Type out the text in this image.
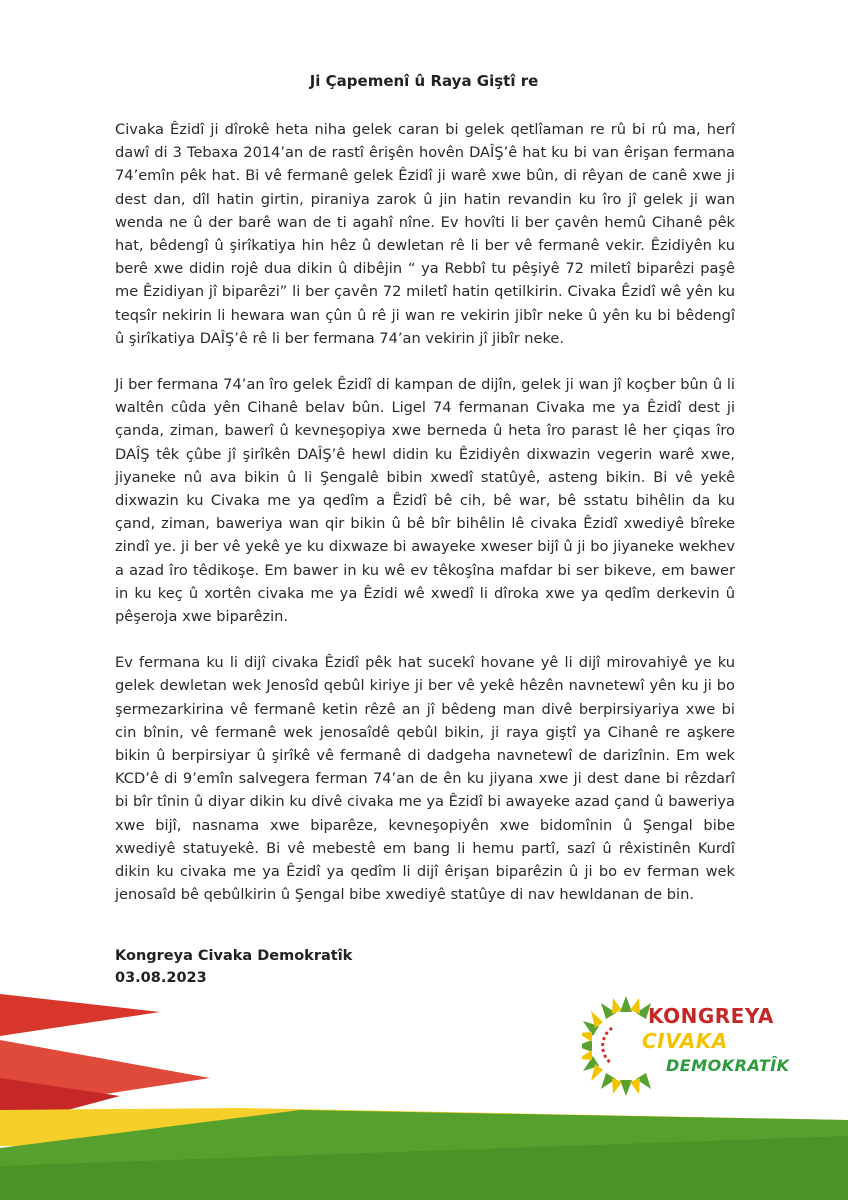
Ji Çapemenî û Raya Giştî re

Civaka Êzidî ji dîrokê heta niha gelek caran bi gelek qetlîaman re rû bi rû ma, herî dawî di 3 Tebaxa 2014’an de rastî êrişên hovên DAÎŞ’ê hat ku bi van êrişan fermana 74’emîn pêk hat. Bi vê fermanê gelek Êzidî ji warê xwe bûn, di rêyan de canê xwe ji dest dan, dîl hatin girtin, piraniya zarok û jin hatin revandin ku îro jî gelek ji wan wenda ne û der barê wan de ti agahî nîne. Ev hovîti li ber çavên hemû Cihanê pêk hat, bêdengî û şirîkatiya hin hêz û dewletan rê li ber vê fermanê vekir. Êzidiyên ku berê xwe didin rojê dua dikin û dibêjin “ ya Rebbî tu pêşiyê 72 miletî biparêzi paşê me Êzidiyan jî biparêzi” li ber çavên 72 miletî hatin qetilkirin. Civaka Êzidî wê yên ku teqsîr nekirin li hewara wan çûn û rê ji wan re vekirin jibîr neke û yên ku bi bêdengî û şirîkatiya DAÎŞ’ê rê li ber fermana 74’an vekirin jî jibîr neke.

Ji ber fermana 74’an îro gelek Êzidî di kampan de dijîn, gelek ji wan jî koçber bûn û li waltên cûda yên Cihanê belav bûn. Ligel 74 fermanan Civaka me ya Êzidî dest ji çanda, ziman, bawerî û kevneşopiya xwe berneda û heta îro parast lê her çiqas îro DAÎŞ têk çûbe jî şirîkên DAÎŞ’ê hewl didin ku Êzidiyên dixwazin vegerin warê xwe, jiyaneke nû ava bikin û li Şengalê bibin xwedî statûyê, asteng bikin. Bi vê yekê dixwazin ku Civaka me ya qedîm a Êzidî bê cih, bê war, bê sstatu bihêlin da ku çand, ziman, baweriya wan qir bikin û bê bîr bihêlin lê civaka Êzidî xwediyê bîreke zindî ye. ji ber vê yekê ye ku dixwaze bi awayeke xweser bijî û ji bo jiyaneke wekhev a azad îro têdikoşe. Em bawer in ku wê ev têkoşîna mafdar bi ser bikeve, em bawer in ku keç û xortên civaka me ya Êzidi wê xwedî li dîroka xwe ya qedîm derkevin û pêşeroja xwe biparêzin.

Ev fermana ku li dijî civaka Êzidî pêk hat sucekî hovane yê li dijî mirovahiyê ye ku gelek dewletan wek Jenosîd qebûl kiriye ji ber vê yekê hêzên navnetewî yên ku ji bo şermezarkirina vê fermanê ketin rêzê an jî bêdeng man divê berpirsiyariya xwe bi cin bînin, vê fermanê wek jenosaîdê qebûl bikin, ji raya giştî ya Cihanê re aşkere bikin û berpirsiyar û şirîkê vê fermanê di dadgeha navnetewî de darizînin. Em wek KCD’ê di 9’emîn salvegera ferman 74’an de ên ku jiyana xwe ji dest dane bi rêzdarî bi bîr tînin û diyar dikin ku divê civaka me ya Êzidî bi awayeke azad çand û baweriya xwe bijî, nasnama xwe biparêze, kevneşopiyên xwe bidomînin û Şengal bibe xwediyê statuyekê. Bi vê mebestê em bang li hemu partî, sazî û rêxistinên Kurdî dikin ku civaka me ya Êzidî ya qedîm li dijî êrişan biparêzin û ji bo ev ferman wek jenosaîd bê qebûlkirin û Şengal bibe xwediyê statûye di nav hewldanan de bin.

Kongreya Civaka Demokratîk
03.08.2023
KONGREYA
CIVAKA
DEMOKRATÎK
